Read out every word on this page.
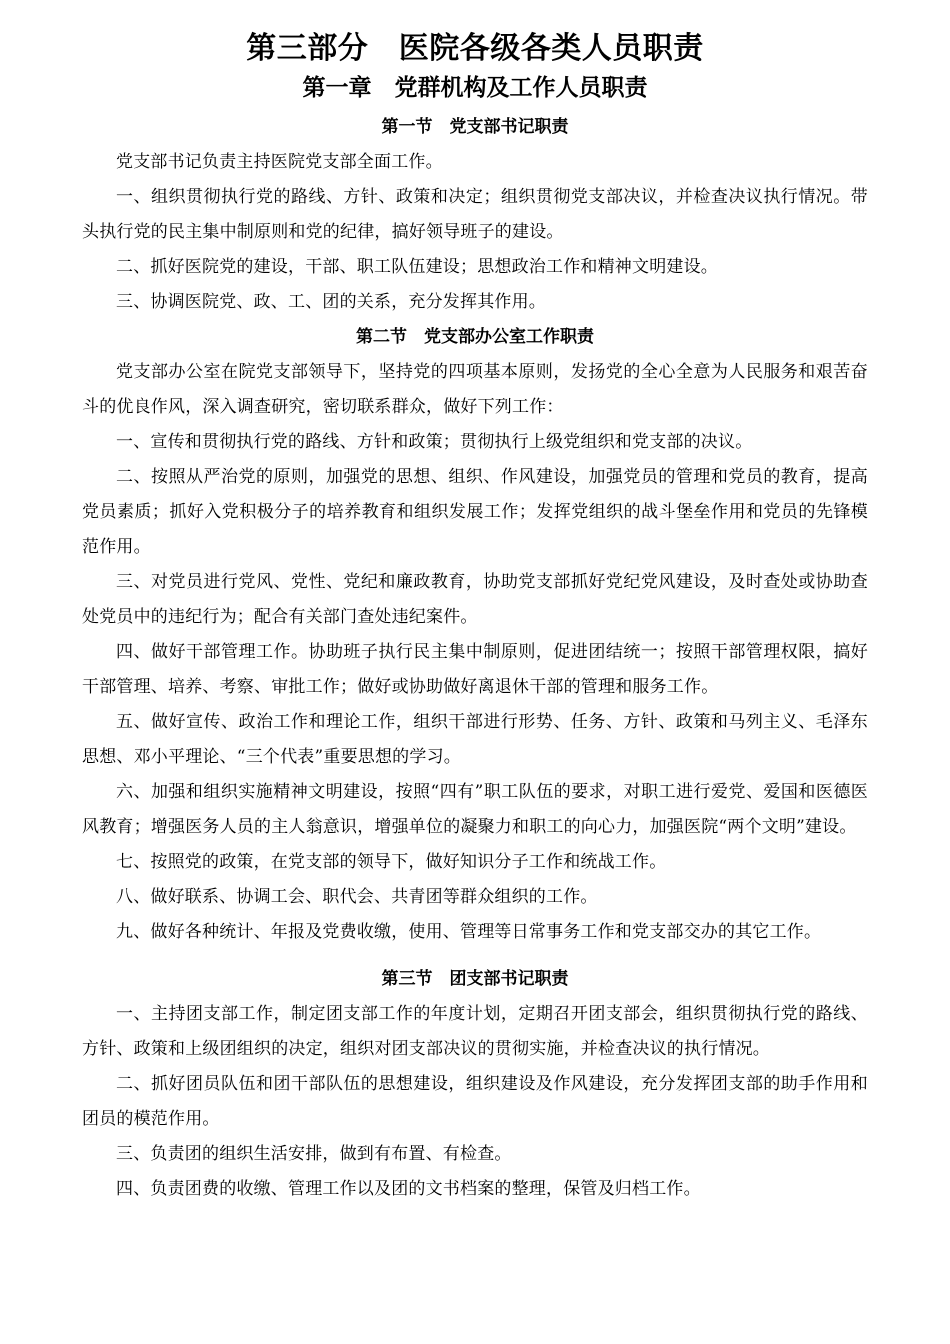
第三部分　医院各级各类人员职责
第一章　党群机构及工作人员职责
第一节　党支部书记职责

党支部书记负责主持医院党支部全面工作。

一、组织贯彻执行党的路线、方针、政策和决定；组织贯彻党支部决议，并检查决议执行情况。带头执行党的民主集中制原则和党的纪律，搞好领导班子的建设。

二、抓好医院党的建设，干部、职工队伍建设；思想政治工作和精神文明建设。

三、协调医院党、政、工、团的关系，充分发挥其作用。

第二节　党支部办公室工作职责

党支部办公室在院党支部领导下，坚持党的四项基本原则，发扬党的全心全意为人民服务和艰苦奋斗的优良作风，深入调查研究，密切联系群众，做好下列工作：

一、宣传和贯彻执行党的路线、方针和政策；贯彻执行上级党组织和党支部的决议。

二、按照从严治党的原则，加强党的思想、组织、作风建设，加强党员的管理和党员的教育，提高党员素质；抓好入党积极分子的培养教育和组织发展工作；发挥党组织的战斗堡垒作用和党员的先锋模范作用。

三、对党员进行党风、党性、党纪和廉政教育，协助党支部抓好党纪党风建设，及时查处或协助查处党员中的违纪行为；配合有关部门查处违纪案件。

四、做好干部管理工作。协助班子执行民主集中制原则，促进团结统一；按照干部管理权限，搞好干部管理、培养、考察、审批工作；做好或协助做好离退休干部的管理和服务工作。

五、做好宣传、政治工作和理论工作，组织干部进行形势、任务、方针、政策和马列主义、毛泽东思想、邓小平理论、“三个代表”重要思想的学习。

六、加强和组织实施精神文明建设，按照“四有”职工队伍的要求，对职工进行爱党、爱国和医德医风教育；增强医务人员的主人翁意识，增强单位的凝聚力和职工的向心力，加强医院“两个文明”建设。

七、按照党的政策，在党支部的领导下，做好知识分子工作和统战工作。

八、做好联系、协调工会、职代会、共青团等群众组织的工作。

九、做好各种统计、年报及党费收缴，使用、管理等日常事务工作和党支部交办的其它工作。

第三节　团支部书记职责

一、主持团支部工作，制定团支部工作的年度计划，定期召开团支部会，组织贯彻执行党的路线、方针、政策和上级团组织的决定，组织对团支部决议的贯彻实施，并检查决议的执行情况。

二、抓好团员队伍和团干部队伍的思想建设，组织建设及作风建设，充分发挥团支部的助手作用和团员的模范作用。

三、负责团的组织生活安排，做到有布置、有检查。

四、负责团费的收缴、管理工作以及团的文书档案的整理，保管及归档工作。
